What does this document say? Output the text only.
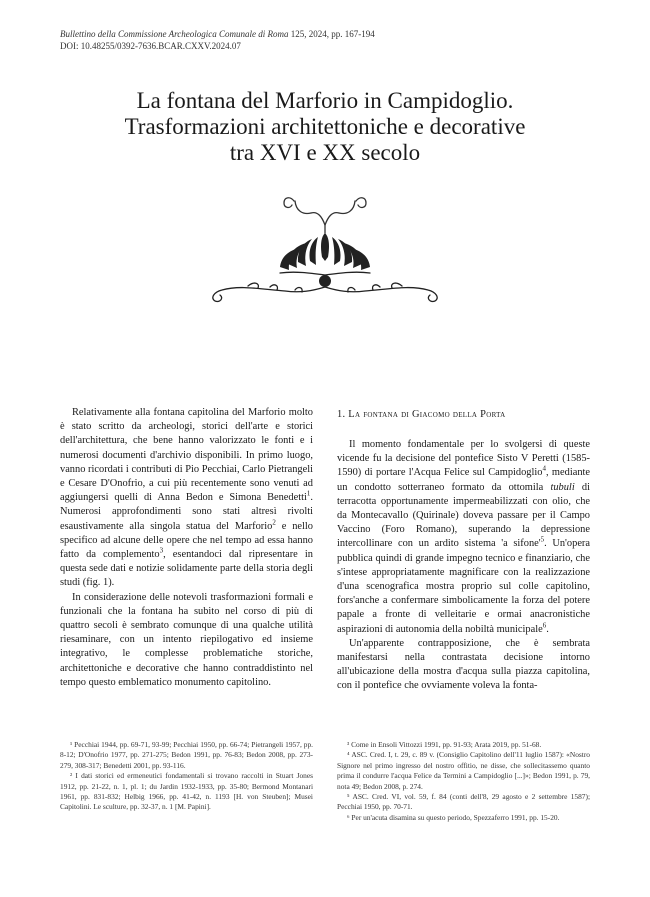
Bullettino della Commissione Archeologica Comunale di Roma 125, 2024, pp. 167-194
DOI: 10.48255/0392-7636.BCAR.CXXV.2024.07
La fontana del Marforio in Campidoglio.
Trasformazioni architettoniche e decorative
tra XVI e XX secolo

Relativamente alla fontana capitolina del Marforio molto è stato scritto da archeologi, storici dell'arte e storici dell'architettura, che bene hanno valorizzato le fonti e i numerosi documenti d'archivio disponibili. In primo luogo, vanno ricordati i contributi di Pio Pecchiai, Carlo Pietrangeli e Cesare D'Onofrio, a cui più recentemente sono venuti ad aggiungersi quelli di Anna Bedon e Simona Benedetti$^1$. Numerosi approfondimenti sono stati altresì rivolti esaustivamente alla singola statua del Marforio$^2$ e nello specifico ad alcune delle opere che nel tempo ad essa hanno fatto da complemento$^3$, esentandoci dal ripresentare in questa sede dati e notizie solidamente parte della storia degli studi (fig. 1).

In considerazione delle notevoli trasformazioni formali e funzionali che la fontana ha subito nel corso di più di quattro secoli è sembrato comunque di una qualche utilità riesaminare, con un intento riepilogativo ed insieme integrativo, le complesse problematiche storiche, architettoniche e decorative che hanno contraddistinto nel tempo questo emblematico monumento capitolino.

1. La fontana di Giacomo della Porta

Il momento fondamentale per lo svolgersi di queste vicende fu la decisione del pontefice Sisto V Peretti (1585-1590) di portare l'Acqua Felice sul Campidoglio$^4$, mediante un condotto sotterraneo formato da ottomila tubuli di terracotta opportunamente impermeabilizzati con olio, che da Montecavallo (Quirinale) doveva passare per il Campo Vaccino (Foro Romano), superando la depressione intercollinare con un ardito sistema 'a $sifone'^5$. Un'opera pubblica quindi di grande impegno tecnico e finanziario, che s'intese appropriatamente magnificare con la realizzazione d'una scenografica mostra proprio sul colle capitolino, fors'anche a confermare simbolicamente la forza del potere papale a fronte di velleitarie e ormai anacronistiche aspirazioni di autonomia della nobiltà municipale$^6$.

Un'apparente contrapposizione, che è sembrata manifestarsi nella contrastata decisione intorno all'ubicazione della mostra d'acqua sulla piazza capitolina, con il pontefice che ovviamente voleva la fonta-

¹ Pecchiai 1944, pp. 69-71, 93-99; Pecchiai 1950, pp. 66-74; Pietrangeli 1957, pp. 8-12; D'Onofrio 1977, pp. 271-275; Bedon 1991, pp. 76-83; Bedon 2008, pp. 273-279, 308-317; Benedetti 2001, pp. 93-116.

² I dati storici ed ermeneutici fondamentali si trovano raccolti in Stuart Jones 1912, pp. 21-22, n. 1, pl. 1; du Jardin 1932-1933, pp. 35-80; Bermond Montanari 1961, pp. 831-832; Helbig 1966, pp. 41-42, n. 1193 [H. von Steuben]; Musei Capitolini. Le sculture, pp. 32-37, n. 1 [M. Papini].

³ Come in Ensoli Vittozzi 1991, pp. 91-93; Arata 2019, pp. 51-68.

⁴ ASC. Cred. I, t. 29, c. 89 v. (Consiglio Capitolino dell'11 luglio 1587): «Nostro Signore nel primo ingresso del nostro offitio, ne disse, che sollecitassemo quanto prima il condurre l'acqua Felice da Termini a Campidoglio [...]»; Bedon 1991, p. 79, nota 49; Bedon 2008, p. 274.

⁵ ASC. Cred. VI, vol. 59, f. 84 (conti dell'8, 29 agosto e 2 settembre 1587); Pecchiai 1950, pp. 70-71.

⁶ Per un'acuta disamina su questo periodo, Spezzaferro 1991, pp. 15-20.
